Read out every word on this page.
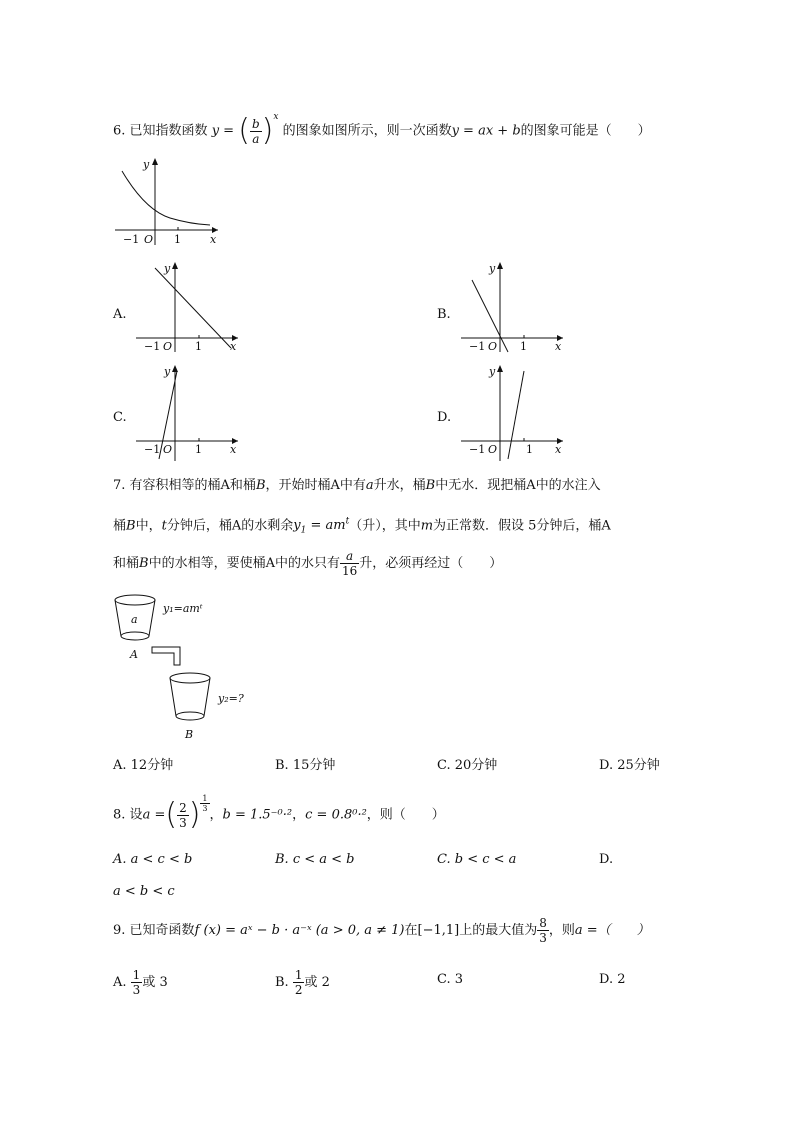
6. 已知指数函数 y = ( $\frac{b}{a} )^x$ 的图象如图所示，则一次函数y = ax + b的图象可能是（　　）
y
x
O
−1	1
A.
y
x
O
−1	1
B.
y
x
O
−1	1
C.
y
x
O
−1	1
D.
y
x
O
−1	1
7. 有容积相等的桶A和桶B，开始时桶A中有a升水，桶B中无水．现把桶A中的水注入
桶B中，t分钟后，桶A的水剩余$y_1 = am^t$（升），其中m为正常数．假设 5分钟后，桶A
和桶B中的水相等，要使桶A中的水只有 $\frac{a}{16}$ 升，必须再经过（　　）
a
A
y₁=amᵗ
B
y₂=?
A. 12分钟	B. 15分钟	C. 20分钟	D. 25分钟
8. 设a =( $\frac{2}{3}$ ) $\frac{1}{3}$
，b = 1.5⁻⁰·²，c = 0.8⁰·²，则（　　）
A. a < c < b	B. c < a < b	C. b < c < a	D.
a < b < c
9. 已知奇函数f (x) = aˣ − b · a⁻ˣ (a > 0, a ≠ 1)在[−1,1]上的最大值为 $\frac{8}{3}$ ，则a =（　　）
A. $\frac{1}{3}$ 或 3	B. $\frac{1}{2}$ 或 2	C. 3	D. 2
